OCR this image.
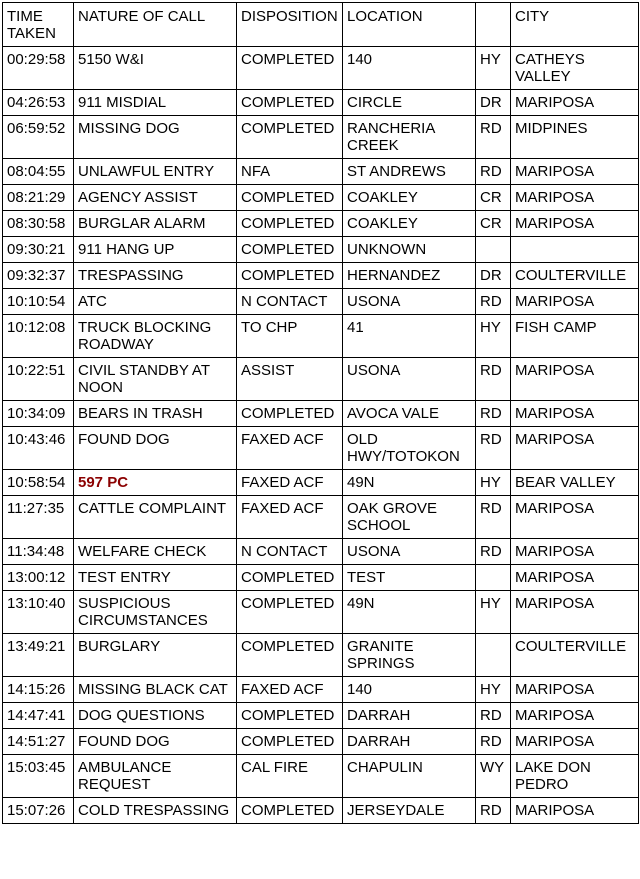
TIME TAKEN	NATURE OF CALL	DISPOSITION	LOCATION		CITY
00:29:58	5150 W&I	COMPLETED	140	HY	CATHEYS VALLEY
04:26:53	911 MISDIAL	COMPLETED	CIRCLE	DR	MARIPOSA
06:59:52	MISSING DOG	COMPLETED	RANCHERIA CREEK	RD	MIDPINES
08:04:55	UNLAWFUL ENTRY	NFA	ST ANDREWS	RD	MARIPOSA
08:21:29	AGENCY ASSIST	COMPLETED	COAKLEY	CR	MARIPOSA
08:30:58	BURGLAR ALARM	COMPLETED	COAKLEY	CR	MARIPOSA
09:30:21	911 HANG UP	COMPLETED	UNKNOWN		
09:32:37	TRESPASSING	COMPLETED	HERNANDEZ	DR	COULTERVILLE
10:10:54	ATC	N CONTACT	USONA	RD	MARIPOSA
10:12:08	TRUCK BLOCKING ROADWAY	TO CHP	41	HY	FISH CAMP
10:22:51	CIVIL STANDBY AT NOON	ASSIST	USONA	RD	MARIPOSA
10:34:09	BEARS IN TRASH	COMPLETED	AVOCA VALE	RD	MARIPOSA
10:43:46	FOUND DOG	FAXED ACF	OLD HWY/TOTOKON	RD	MARIPOSA
10:58:54	597 PC	FAXED ACF	49N	HY	BEAR VALLEY
11:27:35	CATTLE COMPLAINT	FAXED ACF	OAK GROVE SCHOOL	RD	MARIPOSA
11:34:48	WELFARE CHECK	N CONTACT	USONA	RD	MARIPOSA
13:00:12	TEST ENTRY	COMPLETED	TEST		MARIPOSA
13:10:40	SUSPICIOUS CIRCUMSTANCES	COMPLETED	49N	HY	MARIPOSA
13:49:21	BURGLARY	COMPLETED	GRANITE SPRINGS		COULTERVILLE
14:15:26	MISSING BLACK CAT	FAXED ACF	140	HY	MARIPOSA
14:47:41	DOG QUESTIONS	COMPLETED	DARRAH	RD	MARIPOSA
14:51:27	FOUND DOG	COMPLETED	DARRAH	RD	MARIPOSA
15:03:45	AMBULANCE REQUEST	CAL FIRE	CHAPULIN	WY	LAKE DON PEDRO
15:07:26	COLD TRESPASSING	COMPLETED	JERSEYDALE	RD	MARIPOSA
